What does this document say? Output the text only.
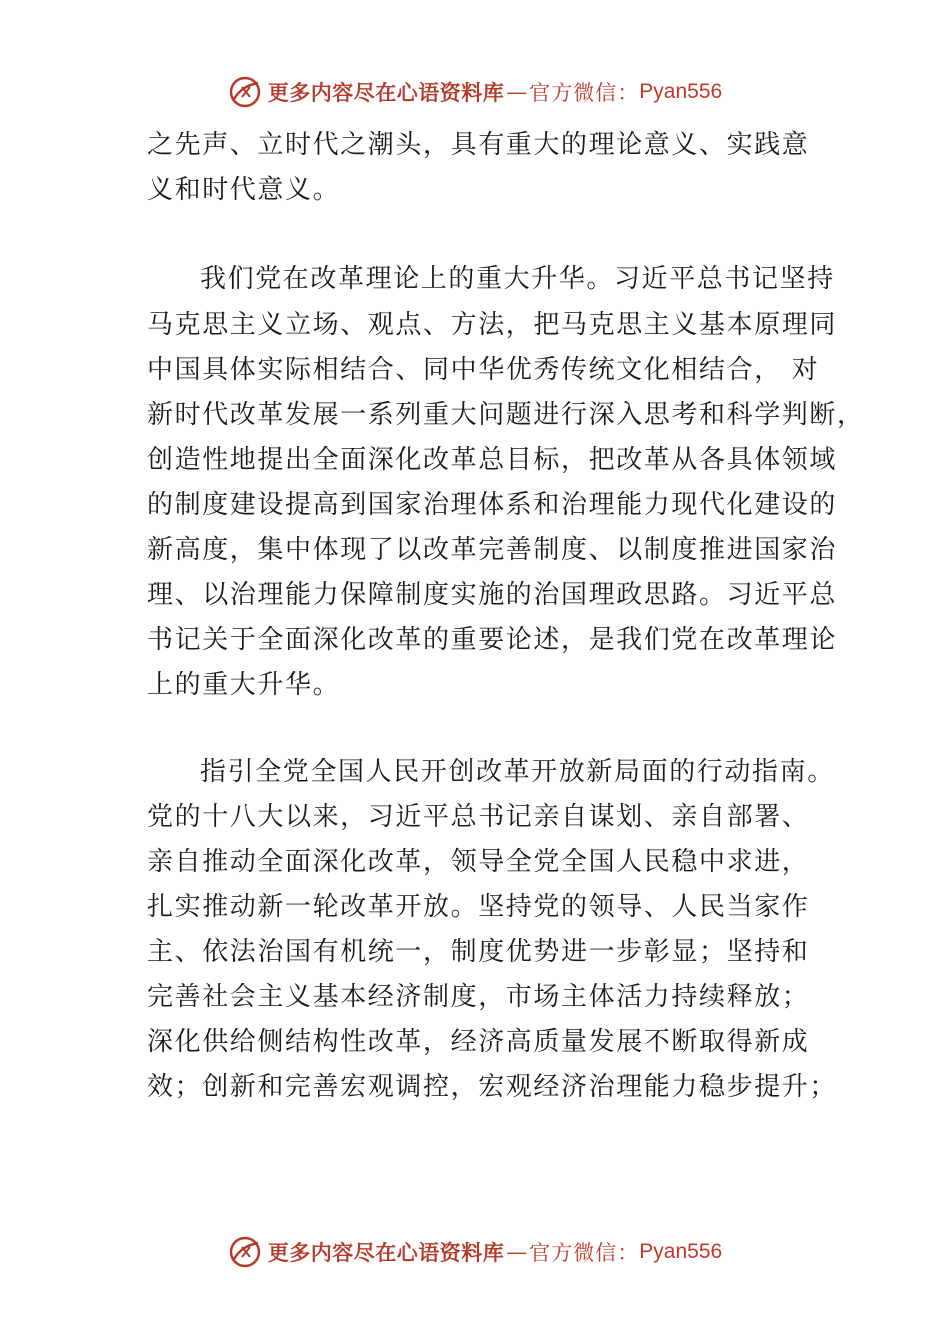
更多内容尽在心语资料库 — 官方微信： Pyan556
之先声、立时代之潮头，具有重大的理论意义、实践意
义和时代意义。
我们党在改革理论上的重大升华。习近平总书记坚持
马克思主义立场、观点、方法，把马克思主义基本原理同
中国具体实际相结合、同中华优秀传统文化相结合， 对
新时代改革发展一系列重大问题进行深入思考和科学判断，
创造性地提出全面深化改革总目标，把改革从各具体领域
的制度建设提高到国家治理体系和治理能力现代化建设的
新高度，集中体现了以改革完善制度、以制度推进国家治
理、以治理能力保障制度实施的治国理政思路。习近平总
书记关于全面深化改革的重要论述，是我们党在改革理论
上的重大升华。
指引全党全国人民开创改革开放新局面的行动指南。
党的十八大以来，习近平总书记亲自谋划、亲自部署、
亲自推动全面深化改革，领导全党全国人民稳中求进，
扎实推动新一轮改革开放。坚持党的领导、人民当家作
主、依法治国有机统一，制度优势进一步彰显；坚持和
完善社会主义基本经济制度，市场主体活力持续释放；
深化供给侧结构性改革，经济高质量发展不断取得新成
效；创新和完善宏观调控，宏观经济治理能力稳步提升；
更多内容尽在心语资料库 — 官方微信： Pyan556
